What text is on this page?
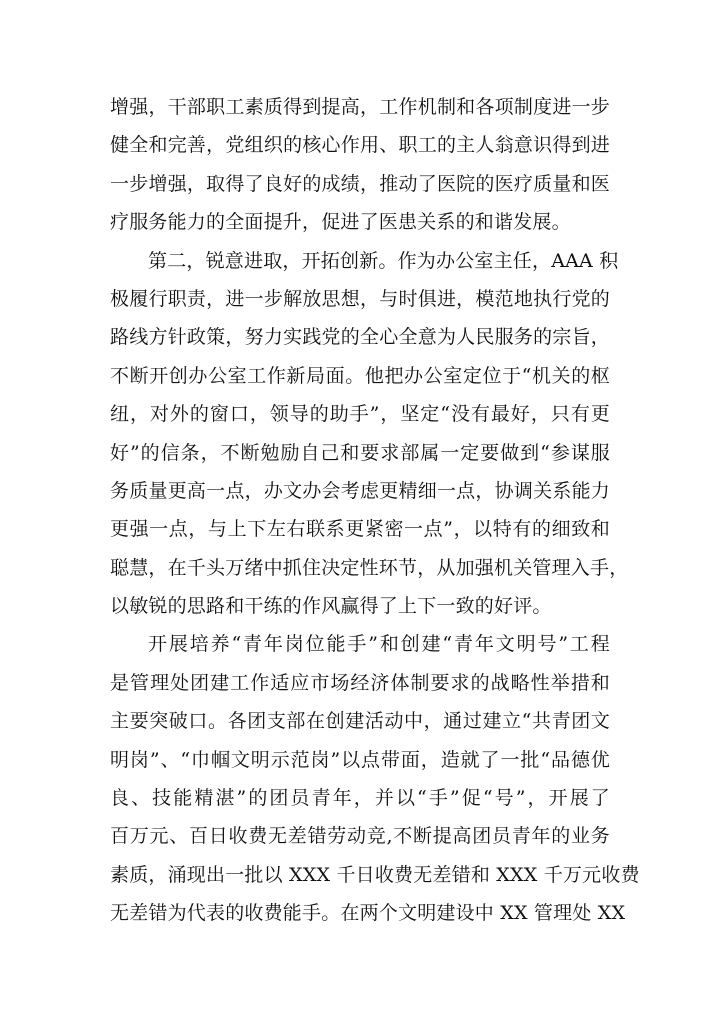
增强，干部职工素质得到提高，工作机制和各项制度进一步
健全和完善，党组织的核心作用、职工的主人翁意识得到进
一步增强，取得了良好的成绩，推动了医院的医疗质量和医
疗服务能力的全面提升，促进了医患关系的和谐发展。
第二，锐意进取，开拓创新。作为办公室主任，AAA 积
极履行职责，进一步解放思想，与时俱进，模范地执行党的
路线方针政策，努力实践党的全心全意为人民服务的宗旨，
不断开创办公室工作新局面。他把办公室定位于“机关的枢
纽，对外的窗口，领导的助手”，坚定“没有最好，只有更
好”的信条，不断勉励自己和要求部属一定要做到“参谋服
务质量更高一点，办文办会考虑更精细一点，协调关系能力
更强一点，与上下左右联系更紧密一点”，以特有的细致和
聪慧，在千头万绪中抓住决定性环节，从加强机关管理入手，
以敏锐的思路和干练的作风赢得了上下一致的好评。
开展培养“青年岗位能手”和创建“青年文明号”工程
是管理处团建工作适应市场经济体制要求的战略性举措和
主要突破口。各团支部在创建活动中，通过建立“共青团文
明岗”、“巾帼文明示范岗”以点带面，造就了一批“品德优
良、技能精湛”的团员青年，并以“手”促“号”，开展了
百万元、百日收费无差错劳动竞,不断提高团员青年的业务
素质，涌现出一批以 XXX 千日收费无差错和 XXX 千万元收费
无差错为代表的收费能手。在两个文明建设中 XX 管理处 XX
